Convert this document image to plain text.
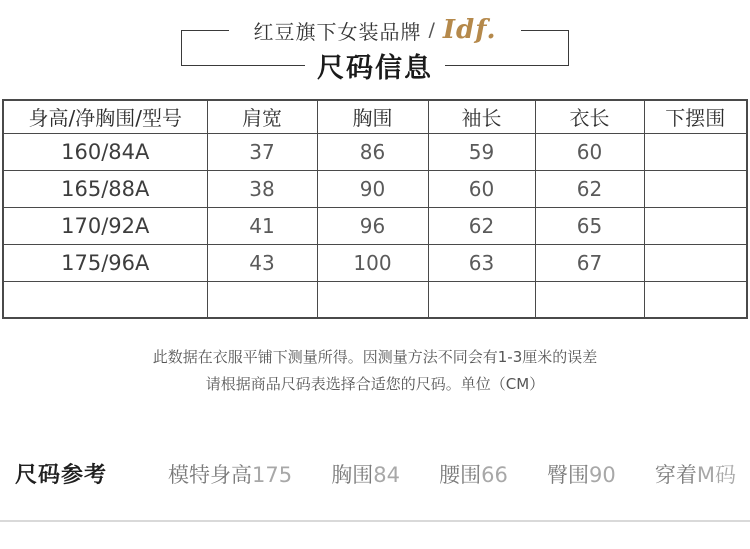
红豆旗下女装品牌 / Idf.
尺码信息
身高/净胸围/型号	肩宽	胸围	袖长	衣长	下摆围
160/84A	37	86	59	60	
165/88A	38	90	60	62	
170/92A	41	96	62	65	
175/96A	43	100	63	67	

此数据在衣服平铺下测量所得。因测量方法不同会有1-3厘米的误差

请根据商品尺码表选择合适您的尺码。单位（CM）

尺码参考	模特身高175 胸围84 腰围66 臀围90 穿着M码
